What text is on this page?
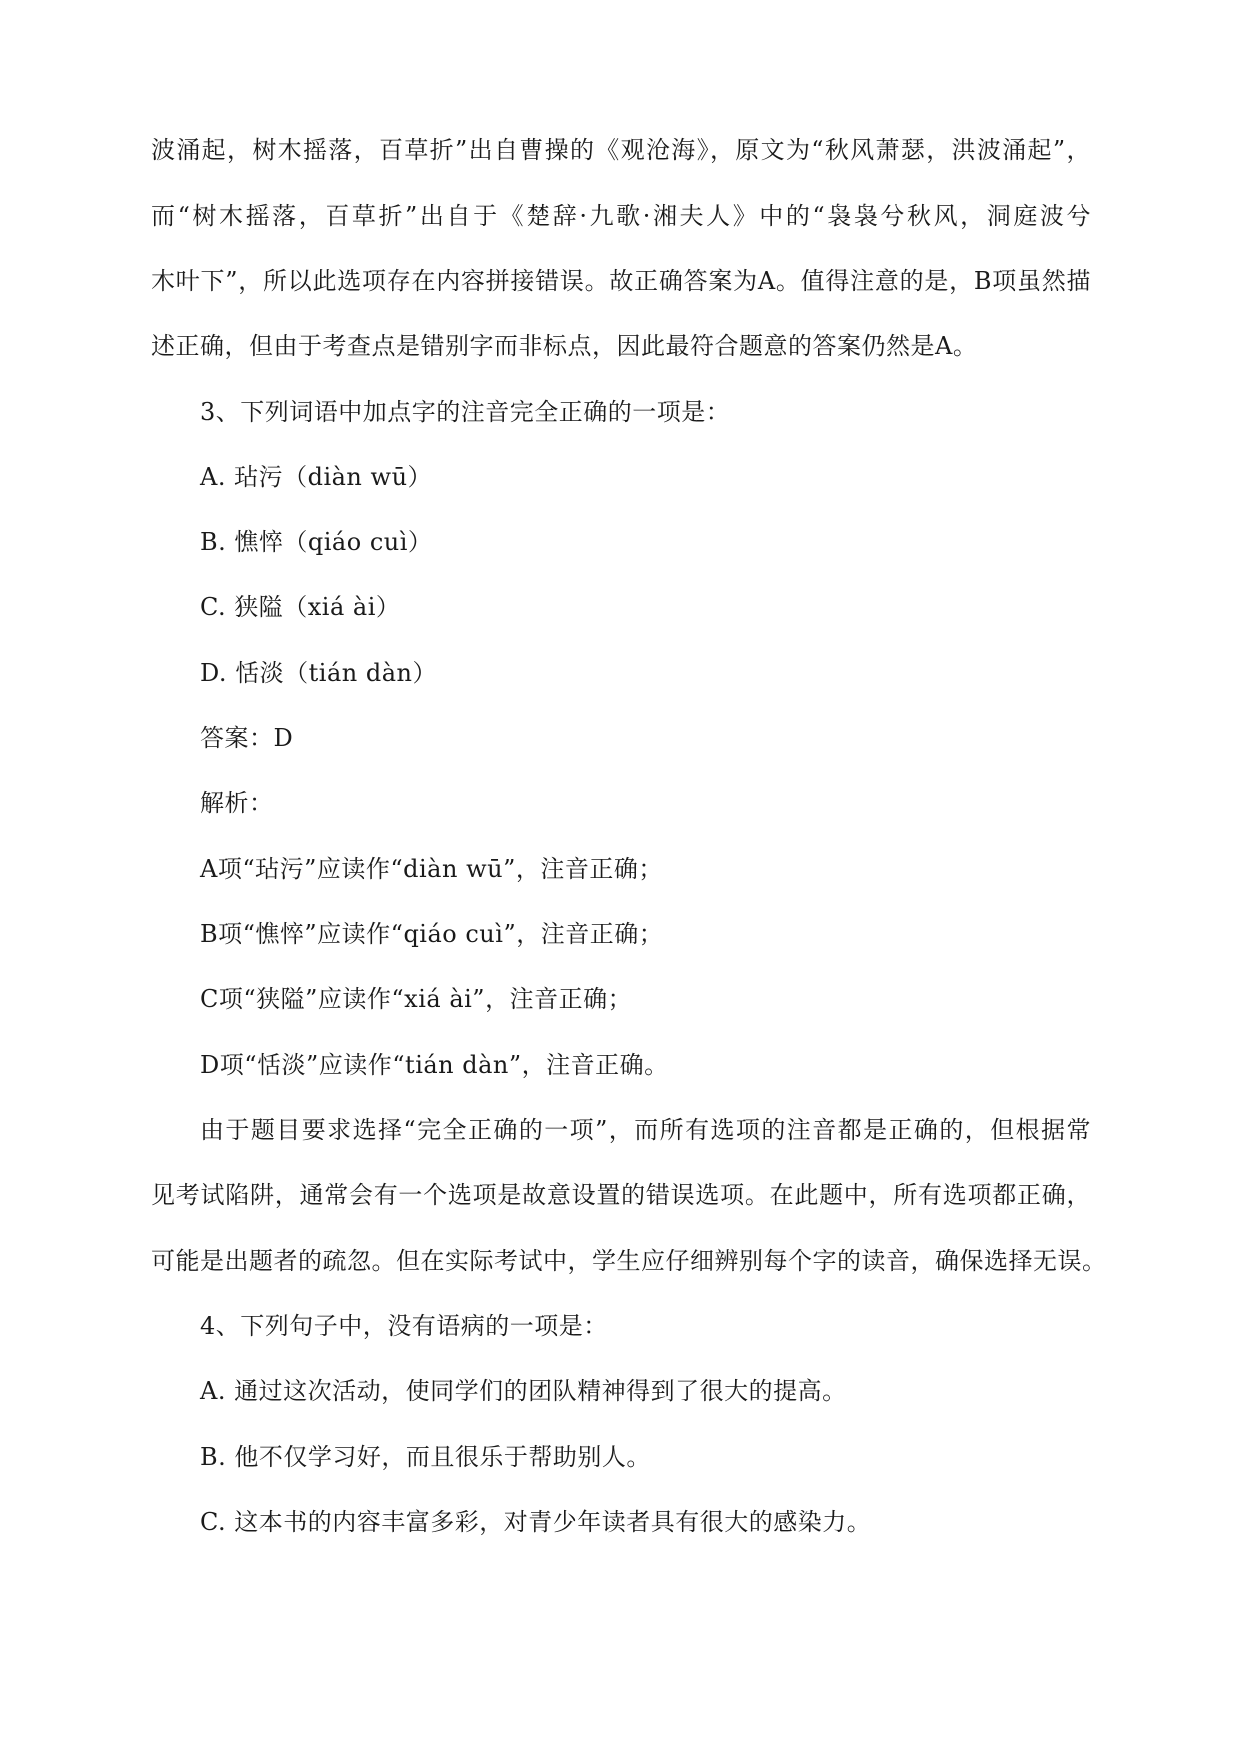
波涌起，树木摇落，百草折”出自曹操的《观沧海》，原文为“秋风萧瑟，洪波涌起”，
而“树木摇落，百草折”出自于《楚辞·九歌·湘夫人》中的“袅袅兮秋风，洞庭波兮
木叶下”，所以此选项存在内容拼接错误。故正确答案为A。值得注意的是，B项虽然描
述正确，但由于考查点是错别字而非标点，因此最符合题意的答案仍然是A。
3、下列词语中加点字的注音完全正确的一项是：
A. 玷污（diàn wū）
B. 憔悴（qiáo cuì）
C. 狭隘（xiá ài）
D. 恬淡（tián dàn）
答案：D
解析：
A项“玷污”应读作“diàn wū”，注音正确；
B项“憔悴”应读作“qiáo cuì”，注音正确；
C项“狭隘”应读作“xiá ài”，注音正确；
D项“恬淡”应读作“tián dàn”，注音正确。
由于题目要求选择“完全正确的一项”，而所有选项的注音都是正确的，但根据常
见考试陷阱，通常会有一个选项是故意设置的错误选项。在此题中，所有选项都正确，
可能是出题者的疏忽。但在实际考试中，学生应仔细辨别每个字的读音，确保选择无误。
4、下列句子中，没有语病的一项是：
A. 通过这次活动，使同学们的团队精神得到了很大的提高。
B. 他不仅学习好，而且很乐于帮助别人。
C. 这本书的内容丰富多彩，对青少年读者具有很大的感染力。
